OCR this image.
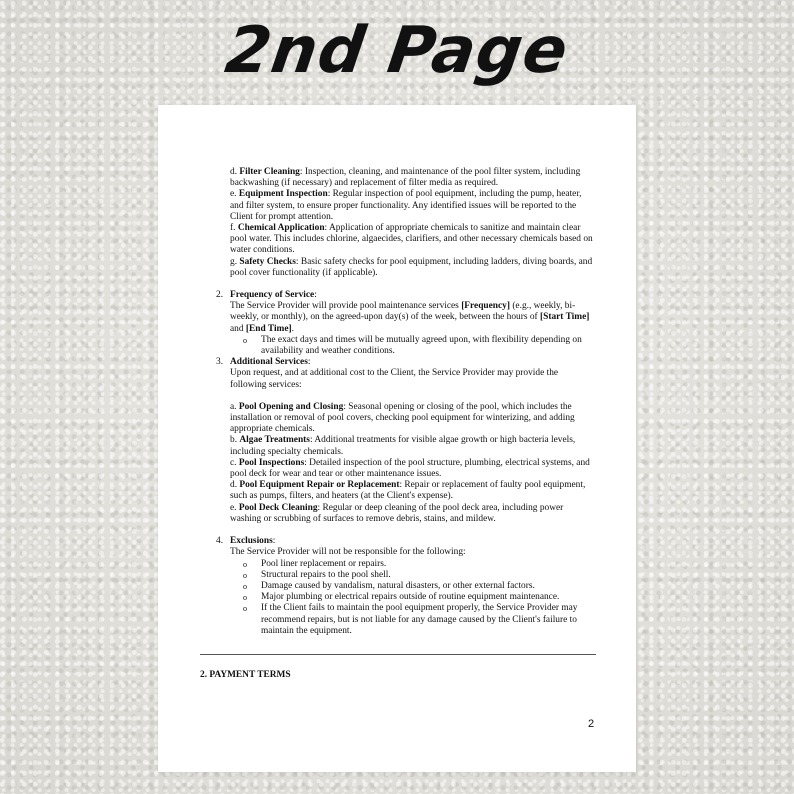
2nd Page

d. Filter Cleaning: Inspection, cleaning, and maintenance of the pool filter system, including backwashing (if necessary) and replacement of filter media as required.

e. Equipment Inspection: Regular inspection of pool equipment, including the pump, heater, and filter system, to ensure proper functionality. Any identified issues will be reported to the Client for prompt attention.

f. Chemical Application: Application of appropriate chemicals to sanitize and maintain clear pool water. This includes chlorine, algaecides, clarifiers, and other necessary chemicals based on water conditions.

g. Safety Checks: Basic safety checks for pool equipment, including ladders, diving boards, and pool cover functionality (if applicable).

2. Frequency of Service:

The Service Provider will provide pool maintenance services [Frequency] (e.g., weekly, bi-weekly, or monthly), on the agreed-upon day(s) of the week, between the hours of [Start Time] and [End Time].

o The exact days and times will be mutually agreed upon, with flexibility depending on availability and weather conditions.
3. Additional Services:

Upon request, and at additional cost to the Client, the Service Provider may provide the following services:

a. Pool Opening and Closing: Seasonal opening or closing of the pool, which includes the installation or removal of pool covers, checking pool equipment for winterizing, and adding appropriate chemicals.

b. Algae Treatments: Additional treatments for visible algae growth or high bacteria levels, including specialty chemicals.

c. Pool Inspections: Detailed inspection of the pool structure, plumbing, electrical systems, and pool deck for wear and tear or other maintenance issues.

d. Pool Equipment Repair or Replacement: Repair or replacement of faulty pool equipment, such as pumps, filters, and heaters (at the Client's expense).

e. Pool Deck Cleaning: Regular or deep cleaning of the pool deck area, including power washing or scrubbing of surfaces to remove debris, stains, and mildew.

4. Exclusions:

The Service Provider will not be responsible for the following:

o Pool liner replacement or repairs.
o Structural repairs to the pool shell.
o Damage caused by vandalism, natural disasters, or other external factors.
o Major plumbing or electrical repairs outside of routine equipment maintenance.
o If the Client fails to maintain the pool equipment properly, the Service Provider may recommend repairs, but is not liable for any damage caused by the Client's failure to maintain the equipment.
2. PAYMENT TERMS
2
